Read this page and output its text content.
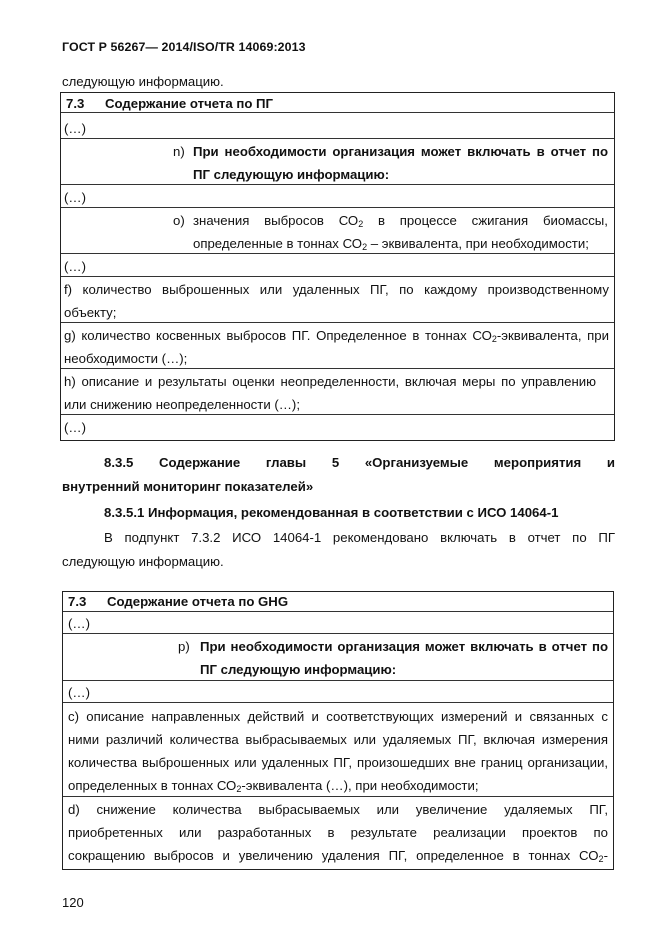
ГОСТ Р 56267— 2014/ISO/TR 14069:2013
следующую информацию.
7.3 Содержание отчета по ПГ
(…)
n) При необходимости организация может включать в отчет по
ПГ следующую информацию:
(…)
o) значения выбросов $СО_2$ в процессе сжигания биомассы,
определенные в тоннах $СО_2$ – эквивалента, при необходимости;
(…)
f) количество выброшенных или удаленных ПГ, по каждому производственному
объекту;
g) количество косвенных выбросов ПГ. Определенное в тоннах $СО_2$-эквивалента, при
необходимости (…);
h) описание и результаты оценки неопределенности, включая меры по управлению
или снижению неопределенности (…);
(…)
8.3.5 Содержание главы 5 «Организуемые мероприятия и
внутренний мониторинг показателей»
8.3.5.1 Информация, рекомендованная в соответствии с ИСО 14064-1
В подпункт 7.3.2 ИСО 14064-1 рекомендовано включать в отчет по ПГ
следующую информацию.
7.3 Содержание отчета по GHG
(…)
p) При необходимости организация может включать в отчет по
ПГ следующую информацию:
(…)
c) описание направленных действий и соответствующих измерений и связанных с
ними различий количества выбрасываемых или удаляемых ПГ, включая измерения
количества выброшенных или удаленных ПГ, произошедших вне границ организации,
определенных в тоннах $СО_2$-эквивалента (…), при необходимости;
d) снижение количества выбрасываемых или увеличение удаляемых ПГ,
приобретенных или разработанных в результате реализации проектов по
сокращению выбросов и увеличению удаления ПГ, определенное в тоннах $СО_2-$
120
